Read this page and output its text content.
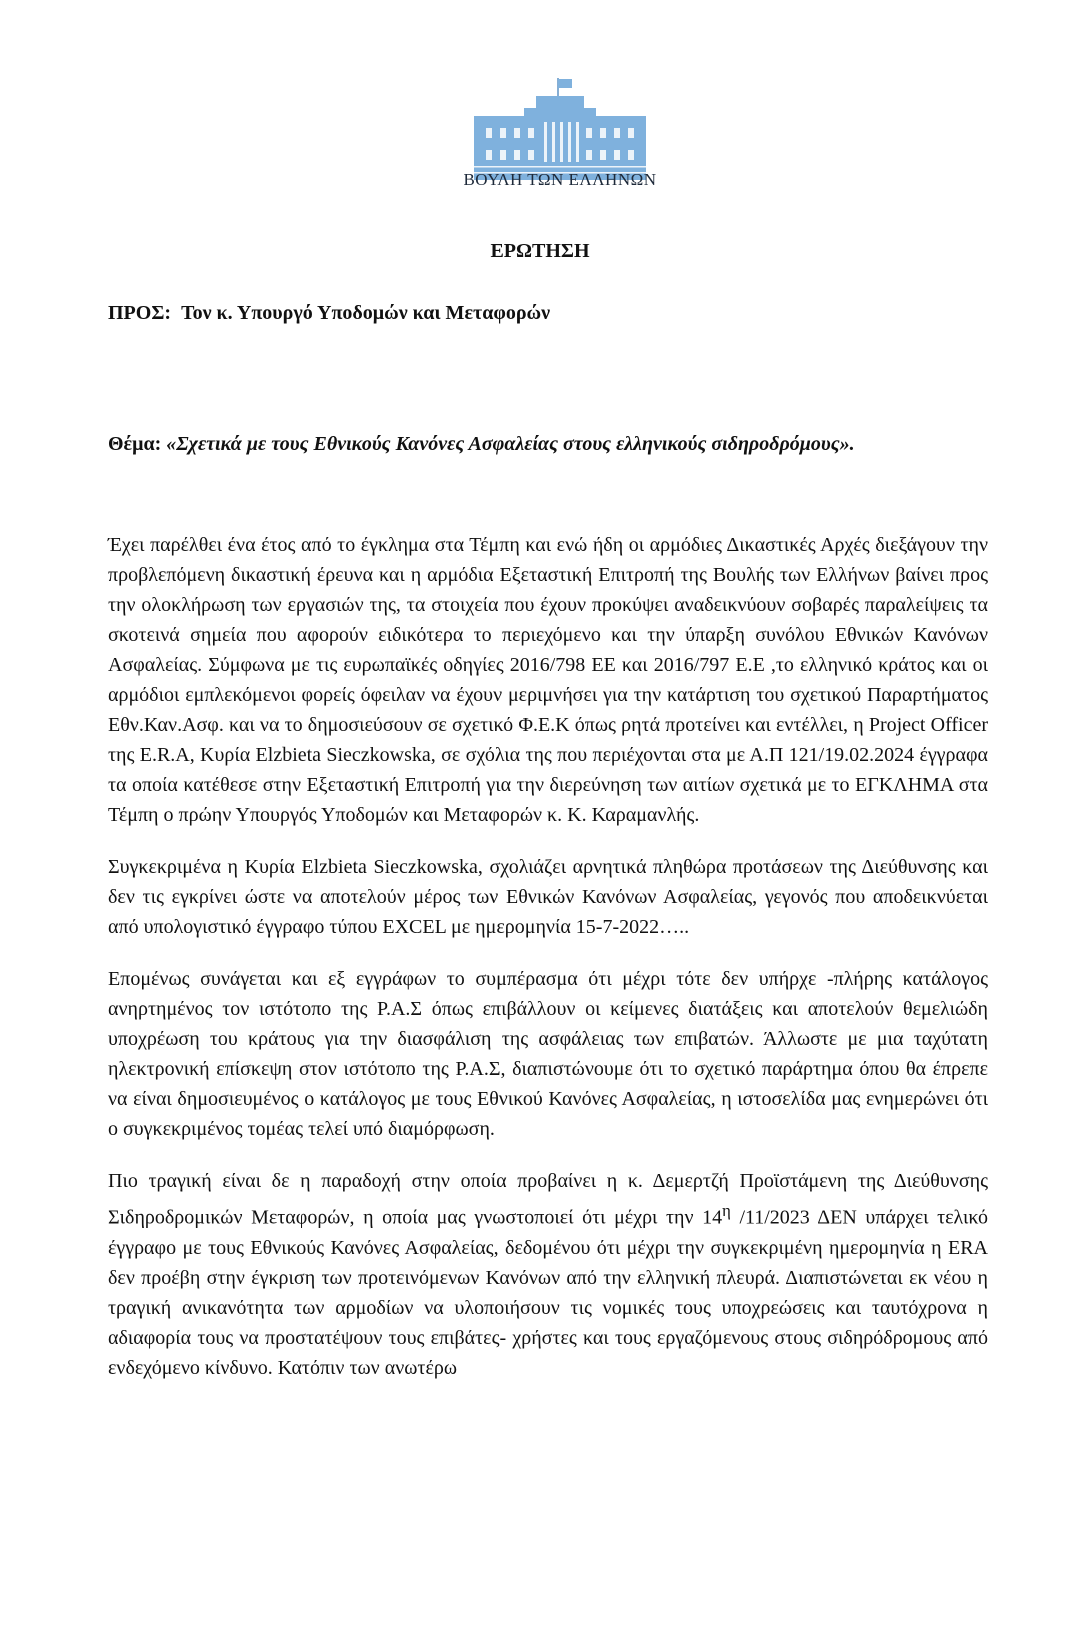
ΒΟΥΛΗ ΤΩΝ ΕΛΛΗΝΩΝ
ΕΡΩΤΗΣΗ
ΠΡΟΣ: Τον κ. Υπουργό Υποδομών και Μεταφορών
Θέμα: «Σχετικά με τους Εθνικούς Κανόνες Ασφαλείας στους ελληνικούς σιδηροδρόμους».

Έχει παρέλθει ένα έτος από το έγκλημα στα Τέμπη και ενώ ήδη οι αρμόδιες Δικαστικές Αρχές διεξάγουν την προβλεπόμενη δικαστική έρευνα και η αρμόδια Εξεταστική Επιτροπή της Βουλής των Ελλήνων βαίνει προς την ολοκλήρωση των εργασιών της, τα στοιχεία που έχουν προκύψει αναδεικνύουν σοβαρές παραλείψεις τα σκοτεινά σημεία που αφορούν ειδικότερα το περιεχόμενο και την ύπαρξη συνόλου Εθνικών Κανόνων Ασφαλείας. Σύμφωνα με τις ευρωπαϊκές οδηγίες 2016/798 ΕΕ και 2016/797 Ε.Ε ,το ελληνικό κράτος και οι αρμόδιοι εμπλεκόμενοι φορείς όφειλαν να έχουν μεριμνήσει για την κατάρτιση του σχετικού Παραρτήματος Εθν.Καν.Ασφ. και να το δημοσιεύσουν σε σχετικό Φ.Ε.Κ όπως ρητά προτείνει και εντέλλει, η Project Officer της E.R.A, Κυρία Elzbieta Sieczkowska, σε σχόλια της που περιέχονται στα με Α.Π 121/19.02.2024 έγγραφα τα οποία κατέθεσε στην Εξεταστική Επιτροπή για την διερεύνηση των αιτίων σχετικά με το ΕΓΚΛΗΜΑ στα Τέμπη ο πρώην Υπουργός Υποδομών και Μεταφορών κ. Κ. Καραμανλής.

Συγκεκριμένα η Κυρία Elzbieta Sieczkowska, σχολιάζει αρνητικά πληθώρα προτάσεων της Διεύθυνσης και δεν τις εγκρίνει ώστε να αποτελούν μέρος των Εθνικών Κανόνων Ασφαλείας, γεγονός που αποδεικνύεται από υπολογιστικό έγγραφο τύπου EXCEL με ημερομηνία 15-7-2022…..

Επομένως συνάγεται και εξ εγγράφων το συμπέρασμα ότι μέχρι τότε δεν υπήρχε -πλήρης κατάλογος ανηρτημένος τον ιστότοπο της Ρ.Α.Σ όπως επιβάλλουν οι κείμενες διατάξεις και αποτελούν θεμελιώδη υποχρέωση του κράτους για την διασφάλιση της ασφάλειας των επιβατών. Άλλωστε με μια ταχύτατη ηλεκτρονική επίσκεψη στον ιστότοπο της Ρ.Α.Σ, διαπιστώνουμε ότι το σχετικό παράρτημα όπου θα έπρεπε να είναι δημοσιευμένος ο κατάλογος με τους Εθνικού Κανόνες Ασφαλείας, η ιστοσελίδα μας ενημερώνει ότι ο συγκεκριμένος τομέας τελεί υπό διαμόρφωση.

Πιο τραγική είναι δε η παραδοχή στην οποία προβαίνει η κ. Δεμερτζή Προϊστάμενη της Διεύθυνσης Σιδηροδρομικών Μεταφορών, η οποία μας γνωστοποιεί ότι μέχρι την $14^\eta$ /11/2023 ΔΕΝ υπάρχει τελικό έγγραφο με τους Εθνικούς Κανόνες Ασφαλείας, δεδομένου ότι μέχρι την συγκεκριμένη ημερομηνία η ERA δεν προέβη στην έγκριση των προτεινόμενων Κανόνων από την ελληνική πλευρά. Διαπιστώνεται εκ νέου η τραγική ανικανότητα των αρμοδίων να υλοποιήσουν τις νομικές τους υποχρεώσεις και ταυτόχρονα η αδιαφορία τους να προστατέψουν τους επιβάτες- χρήστες και τους εργαζόμενους στους σιδηρόδρομους από ενδεχόμενο κίνδυνο. Κατόπιν των ανωτέρω
